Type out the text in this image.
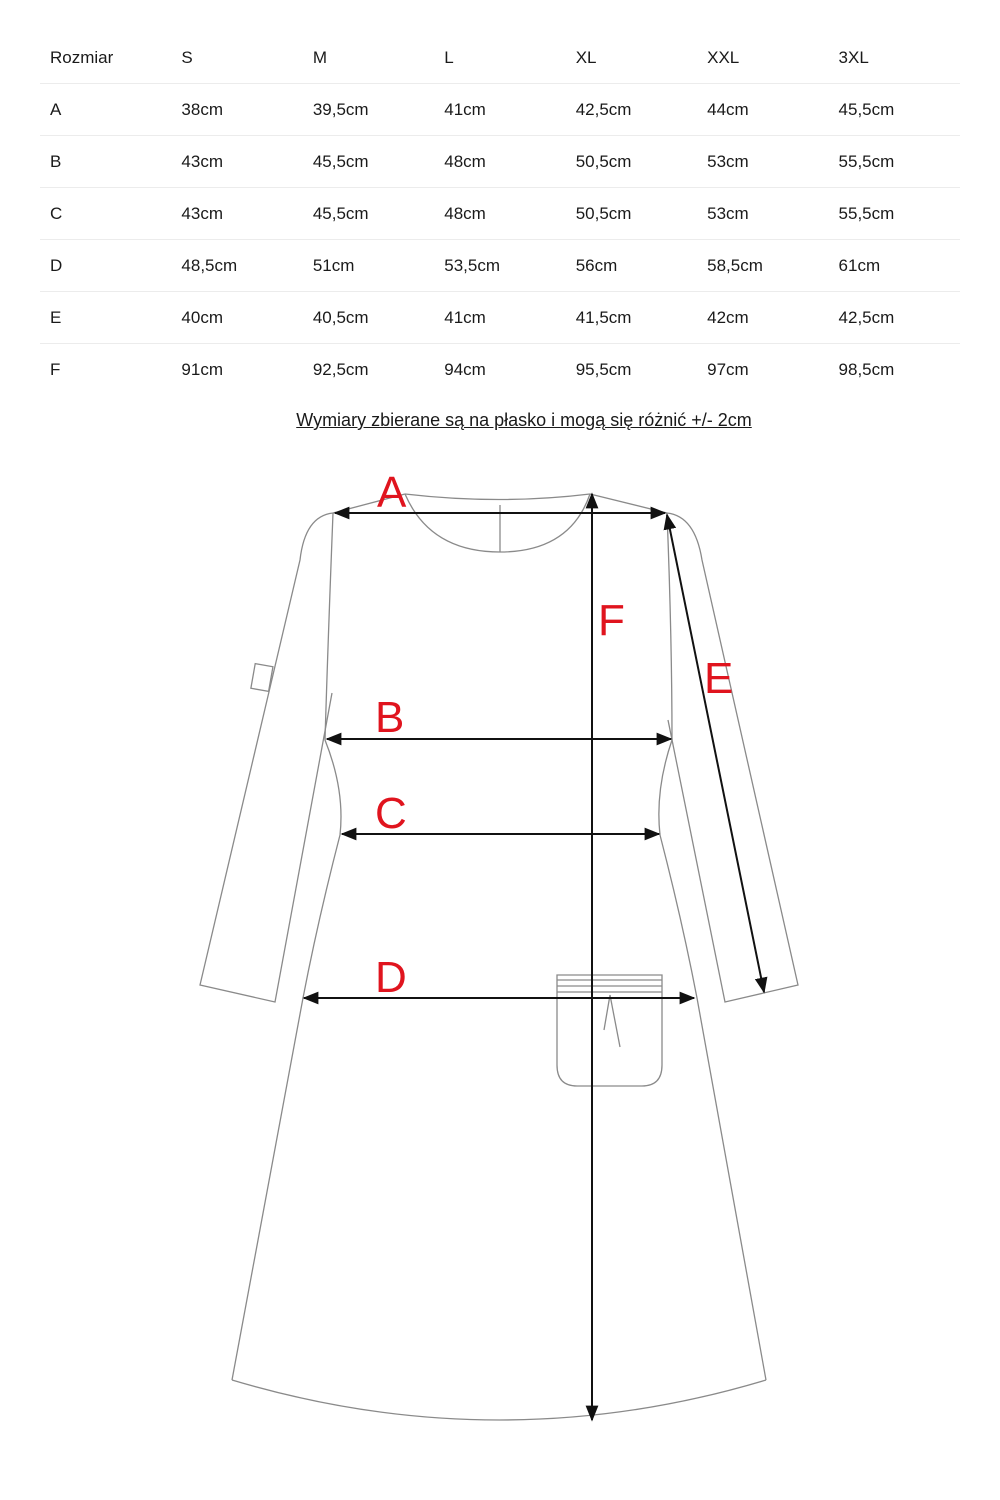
Rozmiar	S	M	L	XL	XXL	3XL
A	38cm	39,5cm	41cm	42,5cm	44cm	45,5cm
B	43cm	45,5cm	48cm	50,5cm	53cm	55,5cm
C	43cm	45,5cm	48cm	50,5cm	53cm	55,5cm
D	48,5cm	51cm	53,5cm	56cm	58,5cm	61cm
E	40cm	40,5cm	41cm	41,5cm	42cm	42,5cm
F	91cm	92,5cm	94cm	95,5cm	97cm	98,5cm
Wymiary zbierane są na płasko i mogą się różnić +/- 2cm
A
B
C
D
E
F
